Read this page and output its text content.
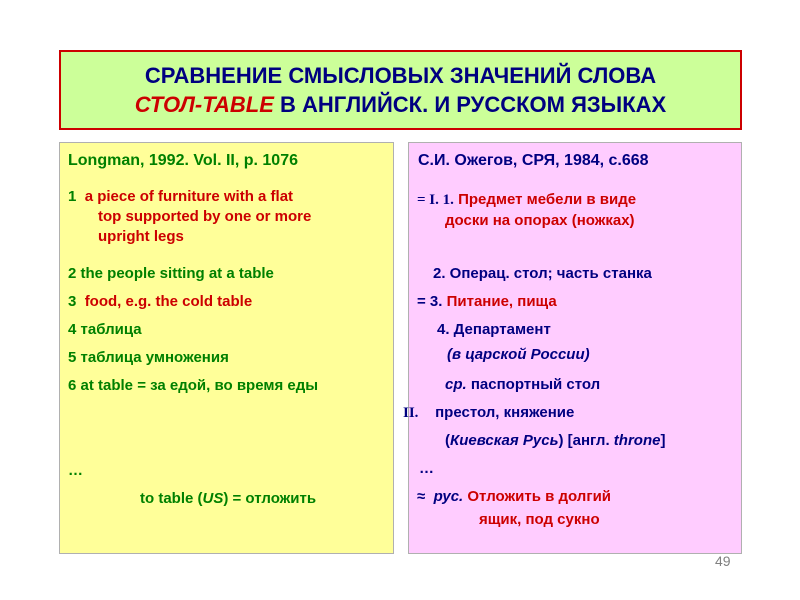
СРАВНЕНИЕ СМЫСЛОВЫХ ЗНАЧЕНИЙ СЛОВА
СТОЛ-TABLE В АНГЛИЙСК. И РУССКОМ ЯЗЫКАХ
Longman, 1992. Vol. II, p. 1076
1 a piece of furniture with a flat
top supported by one or more
upright legs
2 the people sitting at a table
3 food, e.g. the cold table
4 таблица
5 таблица умножения
6 at table = за едой, во время еды
…
to table (US) = отложить
С.И. Ожегов, СРЯ, 1984, с.668
= I. 1. Предмет мебели в виде
доски на опорах (ножках)
2. Операц. стол; часть станка
= 3. Питание, пища
4. Департамент
(в царской России)
ср. паспортный стол
II. престол, княжение
(Киевская Русь) [англ. throne]
…
≈ рус. Отложить в долгий
ящик, под сукно
49
